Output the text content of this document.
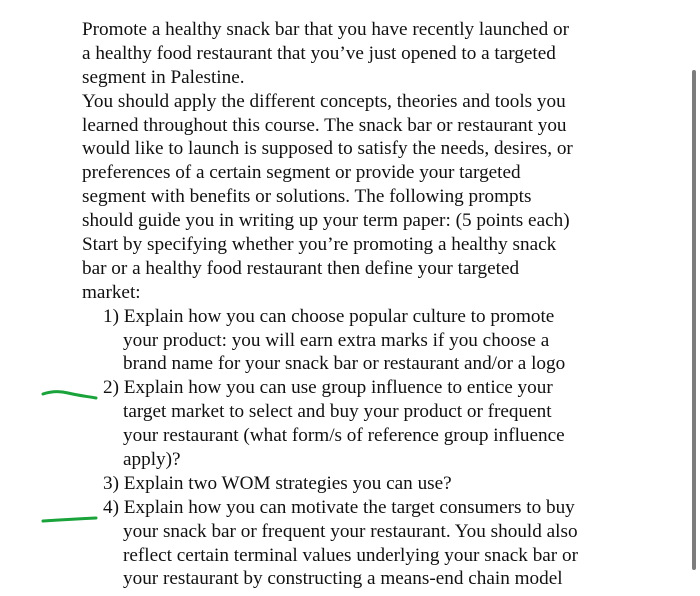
Promote a healthy snack bar that you have recently launched or
a healthy food restaurant that you’ve just opened to a targeted
segment in Palestine.
You should apply the different concepts, theories and tools you
learned throughout this course. The snack bar or restaurant you
would like to launch is supposed to satisfy the needs, desires, or
preferences of a certain segment or provide your targeted
segment with benefits or solutions. The following prompts
should guide you in writing up your term paper: (5 points each)
Start by specifying whether you’re promoting a healthy snack
bar or a healthy food restaurant then define your targeted
market:
1) Explain how you can choose popular culture to promote
your product: you will earn extra marks if you choose a
brand name for your snack bar or restaurant and/or a logo
2) Explain how you can use group influence to entice your
target market to select and buy your product or frequent
your restaurant (what form/s of reference group influence
apply)?
3) Explain two WOM strategies you can use?
4) Explain how you can motivate the target consumers to buy
your snack bar or frequent your restaurant. You should also
reflect certain terminal values underlying your snack bar or
your restaurant by constructing a means-end chain model
